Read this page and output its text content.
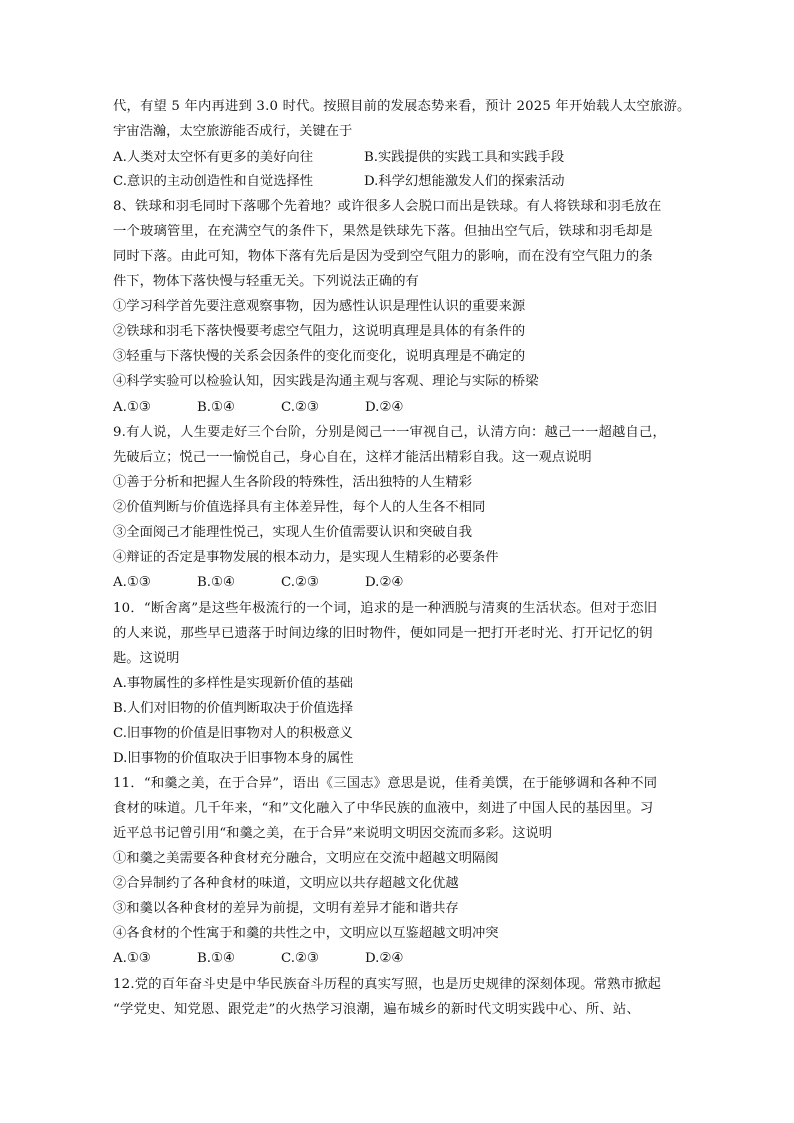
代，有望 5 年内再进到 3.0 时代。按照目前的发展态势来看，预计 2025 年开始载人太空旅游。
宇宙浩瀚，太空旅游能否成行，关键在于
A.人类对太空怀有更多的美好向往	B.实践提供的实践工具和实践手段
C.意识的主动创造性和自觉选择性	D.科学幻想能激发人们的探索活动
8、铁球和羽毛同时下落哪个先着地？或许很多人会脱口而出是铁球。有人将铁球和羽毛放在
一个玻璃管里，在充满空气的条件下，果然是铁球先下落。但抽出空气后，铁球和羽毛却是
同时下落。由此可知，物体下落有先后是因为受到空气阻力的影响，而在没有空气阻力的条
件下，物体下落快慢与轻重无关。下列说法正确的有
①学习科学首先要注意观察事物，因为感性认识是理性认识的重要来源
②铁球和羽毛下落快慢要考虑空气阻力，这说明真理是具体的有条件的
③轻重与下落快慢的关系会因条件的变化而变化，说明真理是不确定的
④科学实验可以检验认知，因实践是沟通主观与客观、理论与实际的桥梁
A.①③	B.①④	C.②③	D.②④
9.有人说，人生要走好三个台阶，分别是阅己一一审视自己，认清方向：越己一一超越自己，
先破后立；悦己一一愉悦自己，身心自在，这样才能活出精彩自我。这一观点说明
①善于分析和把握人生各阶段的特殊性，活出独特的人生精彩
②价值判断与价值选择具有主体差异性，每个人的人生各不相同
③全面阅己才能理性悦己，实现人生价值需要认识和突破自我
④辩证的否定是事物发展的根本动力，是实现人生精彩的必要条件
A.①③	B.①④	C.②③	D.②④
10．“断舍离”是这些年极流行的一个词，追求的是一种洒脱与清爽的生活状态。但对于恋旧
的人来说，那些早已遗落于时间边缘的旧时物件，便如同是一把打开老时光、打开记忆的钥
匙。这说明
A.事物属性的多样性是实现新价值的基础
B.人们对旧物的价值判断取决于价值选择
C.旧事物的价值是旧事物对人的积极意义
D.旧事物的价值取决于旧事物本身的属性
11．“和羹之美，在于合异”，语出《三国志》意思是说，佳肴美馔，在于能够调和各种不同
食材的味道。几千年来，“和”文化融入了中华民族的血液中，刻进了中国人民的基因里。习
近平总书记曾引用“和羹之美，在于合异”来说明文明因交流而多彩。这说明
①和羹之美需要各种食材充分融合，文明应在交流中超越文明隔阂
②合异制约了各种食材的味道，文明应以共存超越文化优越
③和羹以各种食材的差异为前提，文明有差异才能和谐共存
④各食材的个性寓于和羹的共性之中，文明应以互鉴超越文明冲突
A.①③	B.①④	C.②③	D.②④
12.党的百年奋斗史是中华民族奋斗历程的真实写照，也是历史规律的深刻体现。常熟市掀起
“学党史、知党恩、跟党走”的火热学习浪潮，遍布城乡的新时代文明实践中心、所、站、
